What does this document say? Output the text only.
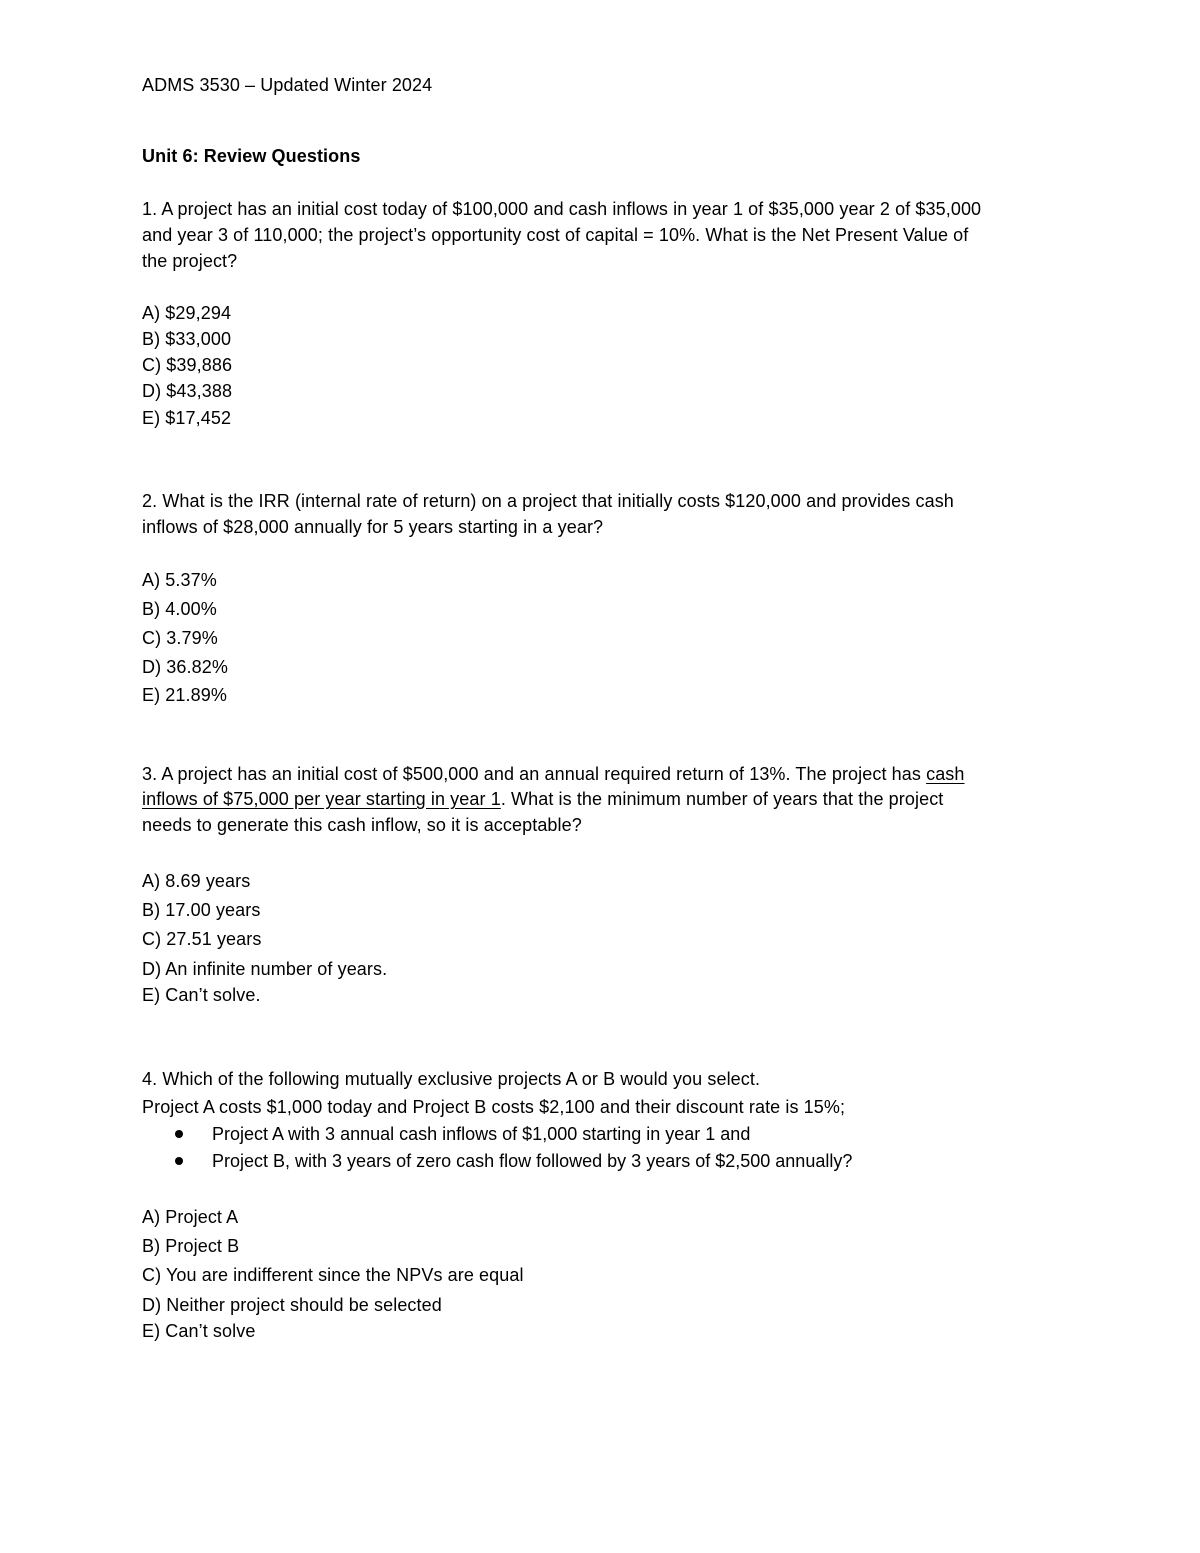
ADMS 3530 – Updated Winter 2024
Unit 6: Review Questions
1. A project has an initial cost today of $100,000 and cash inflows in year 1 of $35,000 year 2 of $35,000
and year 3 of 110,000; the project’s opportunity cost of capital = 10%. What is the Net Present Value of
the project?
A) $29,294
B) $33,000
C) $39,886
D) $43,388
E) $17,452
2. What is the IRR (internal rate of return) on a project that initially costs $120,000 and provides cash
inflows of $28,000 annually for 5 years starting in a year?
A) 5.37%
B) 4.00%
C) 3.79%
D) 36.82%
E) 21.89%
3. A project has an initial cost of $500,000 and an annual required return of 13%. The project has cash
inflows of $75,000 per year starting in year 1. What is the minimum number of years that the project
needs to generate this cash inflow, so it is acceptable?
A) 8.69 years
B) 17.00 years
C) 27.51 years
D) An infinite number of years.
E) Can’t solve.
4. Which of the following mutually exclusive projects A or B would you select.
Project A costs $1,000 today and Project B costs $2,100 and their discount rate is 15%;
Project A with 3 annual cash inflows of $1,000 starting in year 1 and
Project B, with 3 years of zero cash flow followed by 3 years of $2,500 annually?
A) Project A
B) Project B
C) You are indifferent since the NPVs are equal
D) Neither project should be selected
E) Can’t solve
